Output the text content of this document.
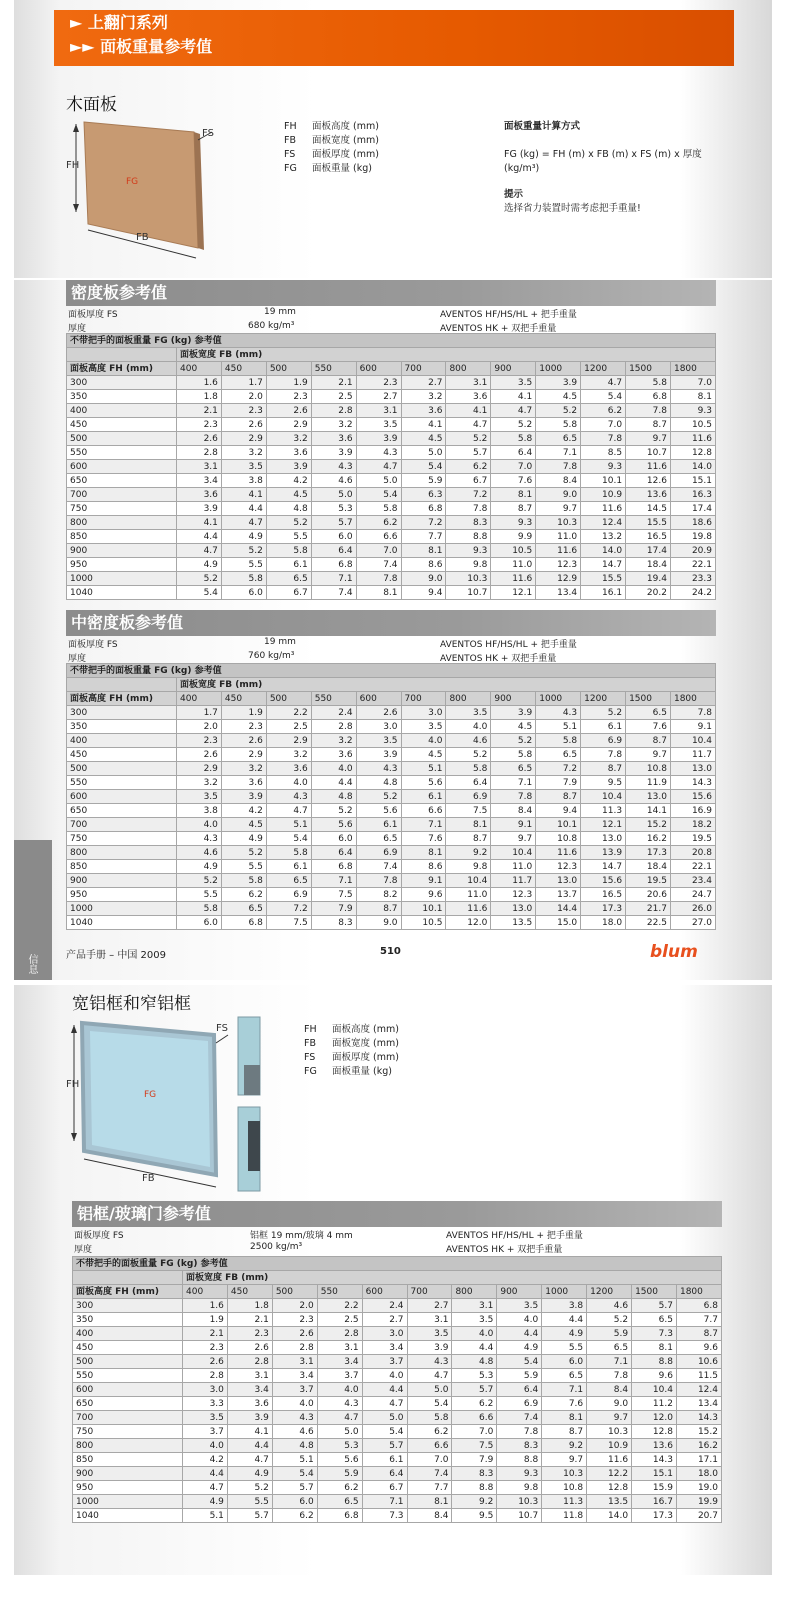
► 上翻门系列
►► 面板重量参考值
木面板
FH
FB
FS
FG
FH	面板高度 (mm)
FB	面板宽度 (mm)
FS	面板厚度 (mm)
FG	面板重量 (kg)
面板重量计算方式
FG (kg) = FH (m) x FB (m) x FS (m) x 厚度
(kg/m³)
提示
选择省力装置时需考虑把手重量!
密度板参考值
面板厚度 FS	19 mm	AVENTOS HF/HS/HL + 把手重量
厚度	680 kg/m³	AVENTOS HK + 双把手重量
不带把手的面板重量 FG (kg) 参考值												
	面板宽度 FB (mm)											
面板高度 FH (mm)	400	450	500	550	600	700	800	900	1000	1200	1500	1800
300	1.6	1.7	1.9	2.1	2.3	2.7	3.1	3.5	3.9	4.7	5.8	7.0
350	1.8	2.0	2.3	2.5	2.7	3.2	3.6	4.1	4.5	5.4	6.8	8.1
400	2.1	2.3	2.6	2.8	3.1	3.6	4.1	4.7	5.2	6.2	7.8	9.3
450	2.3	2.6	2.9	3.2	3.5	4.1	4.7	5.2	5.8	7.0	8.7	10.5
500	2.6	2.9	3.2	3.6	3.9	4.5	5.2	5.8	6.5	7.8	9.7	11.6
550	2.8	3.2	3.6	3.9	4.3	5.0	5.7	6.4	7.1	8.5	10.7	12.8
600	3.1	3.5	3.9	4.3	4.7	5.4	6.2	7.0	7.8	9.3	11.6	14.0
650	3.4	3.8	4.2	4.6	5.0	5.9	6.7	7.6	8.4	10.1	12.6	15.1
700	3.6	4.1	4.5	5.0	5.4	6.3	7.2	8.1	9.0	10.9	13.6	16.3
750	3.9	4.4	4.8	5.3	5.8	6.8	7.8	8.7	9.7	11.6	14.5	17.4
800	4.1	4.7	5.2	5.7	6.2	7.2	8.3	9.3	10.3	12.4	15.5	18.6
850	4.4	4.9	5.5	6.0	6.6	7.7	8.8	9.9	11.0	13.2	16.5	19.8
900	4.7	5.2	5.8	6.4	7.0	8.1	9.3	10.5	11.6	14.0	17.4	20.9
950	4.9	5.5	6.1	6.8	7.4	8.6	9.8	11.0	12.3	14.7	18.4	22.1
1000	5.2	5.8	6.5	7.1	7.8	9.0	10.3	11.6	12.9	15.5	19.4	23.3
1040	5.4	6.0	6.7	7.4	8.1	9.4	10.7	12.1	13.4	16.1	20.2	24.2
中密度板参考值
面板厚度 FS	19 mm	AVENTOS HF/HS/HL + 把手重量
厚度	760 kg/m³	AVENTOS HK + 双把手重量
不带把手的面板重量 FG (kg) 参考值												
	面板宽度 FB (mm)											
面板高度 FH (mm)	400	450	500	550	600	700	800	900	1000	1200	1500	1800
300	1.7	1.9	2.2	2.4	2.6	3.0	3.5	3.9	4.3	5.2	6.5	7.8
350	2.0	2.3	2.5	2.8	3.0	3.5	4.0	4.5	5.1	6.1	7.6	9.1
400	2.3	2.6	2.9	3.2	3.5	4.0	4.6	5.2	5.8	6.9	8.7	10.4
450	2.6	2.9	3.2	3.6	3.9	4.5	5.2	5.8	6.5	7.8	9.7	11.7
500	2.9	3.2	3.6	4.0	4.3	5.1	5.8	6.5	7.2	8.7	10.8	13.0
550	3.2	3.6	4.0	4.4	4.8	5.6	6.4	7.1	7.9	9.5	11.9	14.3
600	3.5	3.9	4.3	4.8	5.2	6.1	6.9	7.8	8.7	10.4	13.0	15.6
650	3.8	4.2	4.7	5.2	5.6	6.6	7.5	8.4	9.4	11.3	14.1	16.9
700	4.0	4.5	5.1	5.6	6.1	7.1	8.1	9.1	10.1	12.1	15.2	18.2
750	4.3	4.9	5.4	6.0	6.5	7.6	8.7	9.7	10.8	13.0	16.2	19.5
800	4.6	5.2	5.8	6.4	6.9	8.1	9.2	10.4	11.6	13.9	17.3	20.8
850	4.9	5.5	6.1	6.8	7.4	8.6	9.8	11.0	12.3	14.7	18.4	22.1
900	5.2	5.8	6.5	7.1	7.8	9.1	10.4	11.7	13.0	15.6	19.5	23.4
950	5.5	6.2	6.9	7.5	8.2	9.6	11.0	12.3	13.7	16.5	20.6	24.7
1000	5.8	6.5	7.2	7.9	8.7	10.1	11.6	13.0	14.4	17.3	21.7	26.0
1040	6.0	6.8	7.5	8.3	9.0	10.5	12.0	13.5	15.0	18.0	22.5	27.0
信息	产品手册 – 中国 2009	510	blum
宽铝框和窄铝框
FH
FB
FS
FG
FH	面板高度 (mm)
FB	面板宽度 (mm)
FS	面板厚度 (mm)
FG	面板重量 (kg)
铝框/玻璃门参考值
面板厚度 FS	铝框 19 mm/玻璃 4 mm	AVENTOS HF/HS/HL + 把手重量
厚度	2500 kg/m³	AVENTOS HK + 双把手重量
不带把手的面板重量 FG (kg) 参考值												
	面板宽度 FB (mm)											
面板高度 FH (mm)	400	450	500	550	600	700	800	900	1000	1200	1500	1800
300	1.6	1.8	2.0	2.2	2.4	2.7	3.1	3.5	3.8	4.6	5.7	6.8
350	1.9	2.1	2.3	2.5	2.7	3.1	3.5	4.0	4.4	5.2	6.5	7.7
400	2.1	2.3	2.6	2.8	3.0	3.5	4.0	4.4	4.9	5.9	7.3	8.7
450	2.3	2.6	2.8	3.1	3.4	3.9	4.4	4.9	5.5	6.5	8.1	9.6
500	2.6	2.8	3.1	3.4	3.7	4.3	4.8	5.4	6.0	7.1	8.8	10.6
550	2.8	3.1	3.4	3.7	4.0	4.7	5.3	5.9	6.5	7.8	9.6	11.5
600	3.0	3.4	3.7	4.0	4.4	5.0	5.7	6.4	7.1	8.4	10.4	12.4
650	3.3	3.6	4.0	4.3	4.7	5.4	6.2	6.9	7.6	9.0	11.2	13.4
700	3.5	3.9	4.3	4.7	5.0	5.8	6.6	7.4	8.1	9.7	12.0	14.3
750	3.7	4.1	4.6	5.0	5.4	6.2	7.0	7.8	8.7	10.3	12.8	15.2
800	4.0	4.4	4.8	5.3	5.7	6.6	7.5	8.3	9.2	10.9	13.6	16.2
850	4.2	4.7	5.1	5.6	6.1	7.0	7.9	8.8	9.7	11.6	14.3	17.1
900	4.4	4.9	5.4	5.9	6.4	7.4	8.3	9.3	10.3	12.2	15.1	18.0
950	4.7	5.2	5.7	6.2	6.7	7.7	8.8	9.8	10.8	12.8	15.9	19.0
1000	4.9	5.5	6.0	6.5	7.1	8.1	9.2	10.3	11.3	13.5	16.7	19.9
1040	5.1	5.7	6.2	6.8	7.3	8.4	9.5	10.7	11.8	14.0	17.3	20.7
